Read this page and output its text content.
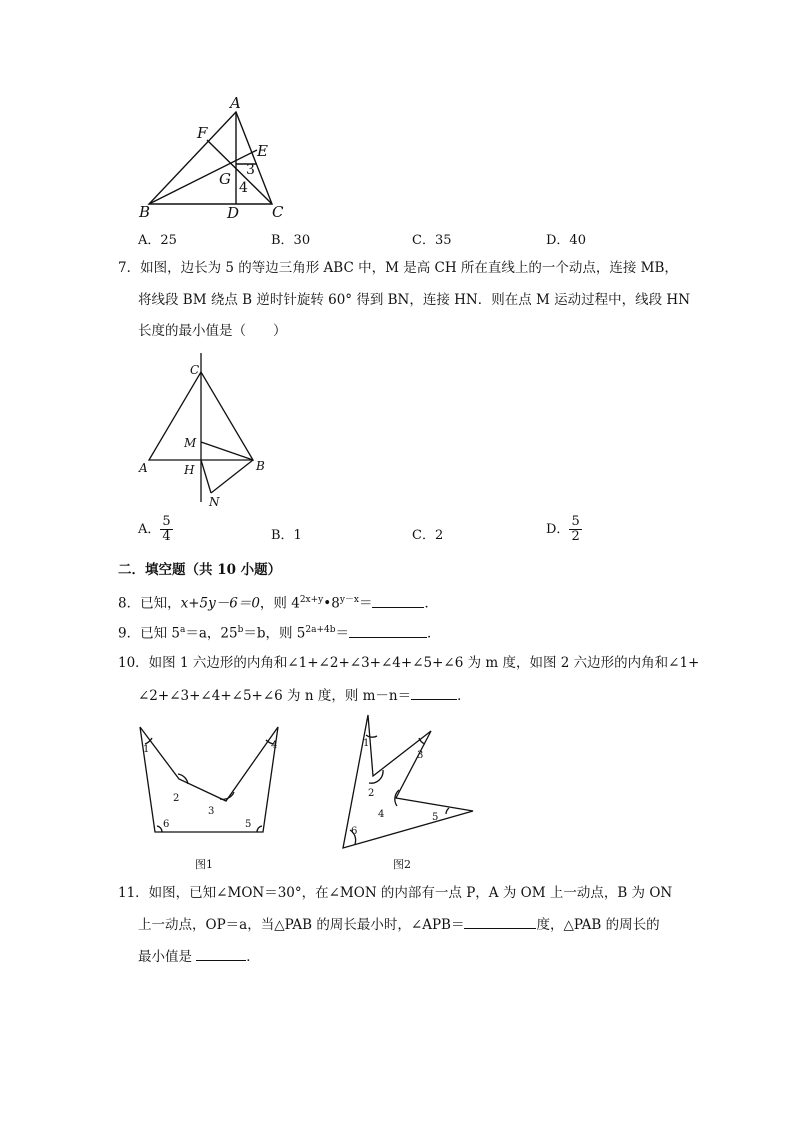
A
B	C
D
E
F
G 3
4
A．25	B．30	C．35	D．40
7．如图，边长为 5 的等边三角形 ABC 中，M 是高 CH 所在直线上的一个动点，连接 MB，
将线段 BM 绕点 B 逆时针旋转 60° 得到 BN，连接 HN．则在点 M 运动过程中，线段 HN
长度的最小值是（　　）
C
M
A	H	B
N
A． $\frac{5}{4}$	B．1	C．2	D． $\frac{5}{2}$
二．填空题（共 10 小题）
8．已知，x+5y－6＝0，则 $4^{2x+y}•8^{y-x}=$	．
9．已知 $5^a=a$，$25^b=b$，则 $5^{2a+4b}=$	．
10．如图 1 六边形的内角和∠1+∠2+∠3+∠4+∠5+∠6 为 m 度，如图 2 六边形的内角和∠1+
∠2+∠3+∠4+∠5+∠6 为 n 度，则 m－n＝	．
1
2
3
4
5
6
图1
1
2
3
4	5
6
图2
11．如图，已知∠MON＝30°，在∠MON 的内部有一点 P，A 为 OM 上一动点，B 为 ON
上一动点，OP＝a，当△PAB 的周长最小时，∠APB＝	度，△PAB 的周长的
最小值是	．
